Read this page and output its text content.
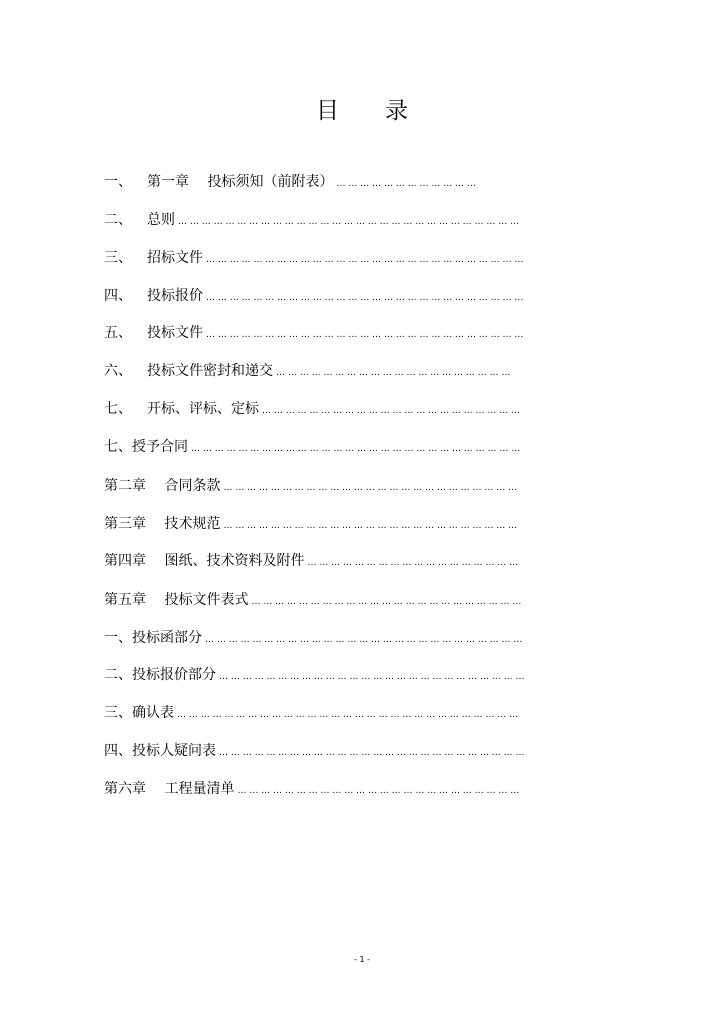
目 录
一、 第一章　 投标须知（前附表） … … … … … … … … … … … …
二、 总则 … … … … … … … … … … … … … … … … … … … … … … … … … … … … …
三、 招标文件 … … … … … … … … … … … … … … … … … … … … … … … … … … …
四、 投标报价 … … … … … … … … … … … … … … … … … … … … … … … … … … …
五、 投标文件 … … … … … … … … … … … … … … … … … … … … … … … … … … …
六、 投标文件密封和递交 … … … … … … … … … … … … … … … … … … … …
七、 开标、评标、定标 … … … … … … … … … … … … … … … … … … … … … …
七、授予合同 … … … … … … … … … … … … … … … … … … … … … … … … … … … …
第二章　 合同条款 … … … … … … … … … … … … … … … … … … … … … … … … …
第三章　 技术规范 … … … … … … … … … … … … … … … … … … … … … … … … …
第四章　 图纸、技术资料及附件 … … … … … … … … … … … … … … … … … …
第五章　 投标文件表式 … … … … … … … … … … … … … … … … … … … … … … …
一、投标函部分 … … … … … … … … … … … … … … … … … … … … … … … … … … …
二、投标报价部分 … … … … … … … … … … … … … … … … … … … … … … … … … …
三、确认表 … … … … … … … … … … … … … … … … … … … … … … … … … … … … …
四、投标人疑问表 … … … … … … … … … … … … … … … … … … … … … … … … … …
第六章　 工程量清单 … … … … … … … … … … … … … … … … … … … … … … … …
- 1 -
